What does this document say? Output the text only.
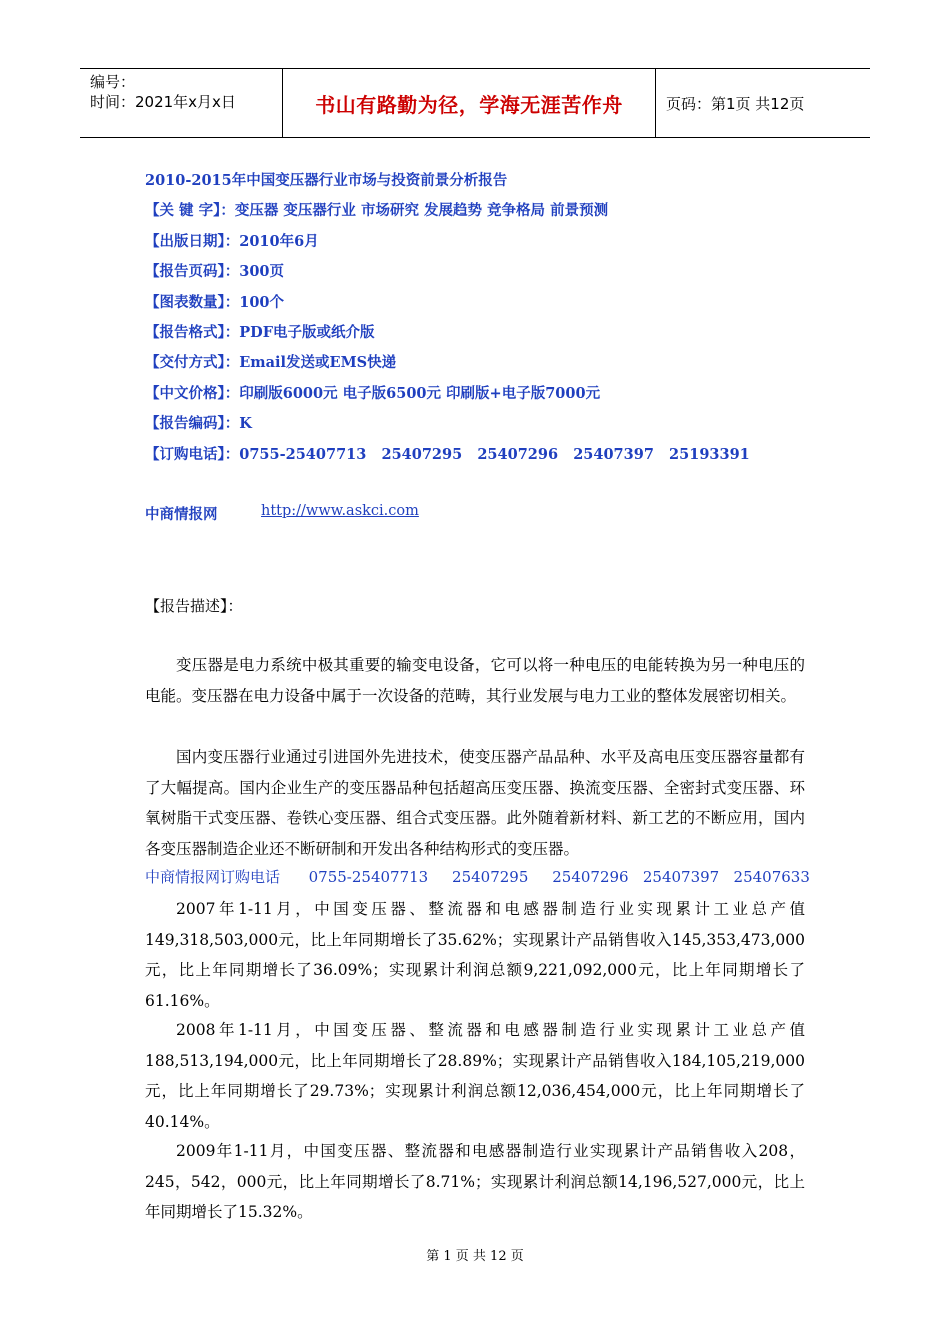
编号：
时间：2021年x月x日	书山有路勤为径，学海无涯苦作舟	页码：第1页 共12页
2010-2015年中国变压器行业市场与投资前景分析报告
【关 键 字】：变压器 变压器行业 市场研究 发展趋势 竞争格局 前景预测
【出版日期】：2010年6月
【报告页码】：300页
【图表数量】：100个
【报告格式】：PDF电子版或纸介版
【交付方式】：Email发送或EMS快递
【中文价格】：印刷版6000元 电子版6500元 印刷版+电子版7000元
【报告编码】：K
【订购电话】：0755-25407713   25407295   25407296   25407397   25193391
中商情报网	http://www.askci.com
【报告描述】：
变压器是电力系统中极其重要的输变电设备，它可以将一种电压的电能转换为另一种电压的电能。变压器在电力设备中属于一次设备的范畴，其行业发展与电力工业的整体发展密切相关。
国内变压器行业通过引进国外先进技术，使变压器产品品种、水平及高电压变压器容量都有了大幅提高。国内企业生产的变压器品种包括超高压变压器、换流变压器、全密封式变压器、环氧树脂干式变压器、卷铁心变压器、组合式变压器。此外随着新材料、新工艺的不断应用，国内各变压器制造企业还不断研制和开发出各种结构形式的变压器。
中商情报网订购电话      0755-25407713     25407295     25407296   25407397   25407633
2007年1-11月，中国变压器、整流器和电感器制造行业实现累计工业总产值149,318,503,000元，比上年同期增长了35.62%；实现累计产品销售收入145,353,473,000元，比上年同期增长了36.09%；实现累计利润总额9,221,092,000元，比上年同期增长了61.16%。
2008年1-11月，中国变压器、整流器和电感器制造行业实现累计工业总产值188,513,194,000元，比上年同期增长了28.89%；实现累计产品销售收入184,105,219,000元，比上年同期增长了29.73%；实现累计利润总额12,036,454,000元，比上年同期增长了40.14%。
2009年1-11月，中国变压器、整流器和电感器制造行业实现累计产品销售收入208，245，542，000元，比上年同期增长了8.71%；实现累计利润总额14,196,527,000元，比上年同期增长了15.32%。
第 1 页 共 12 页
